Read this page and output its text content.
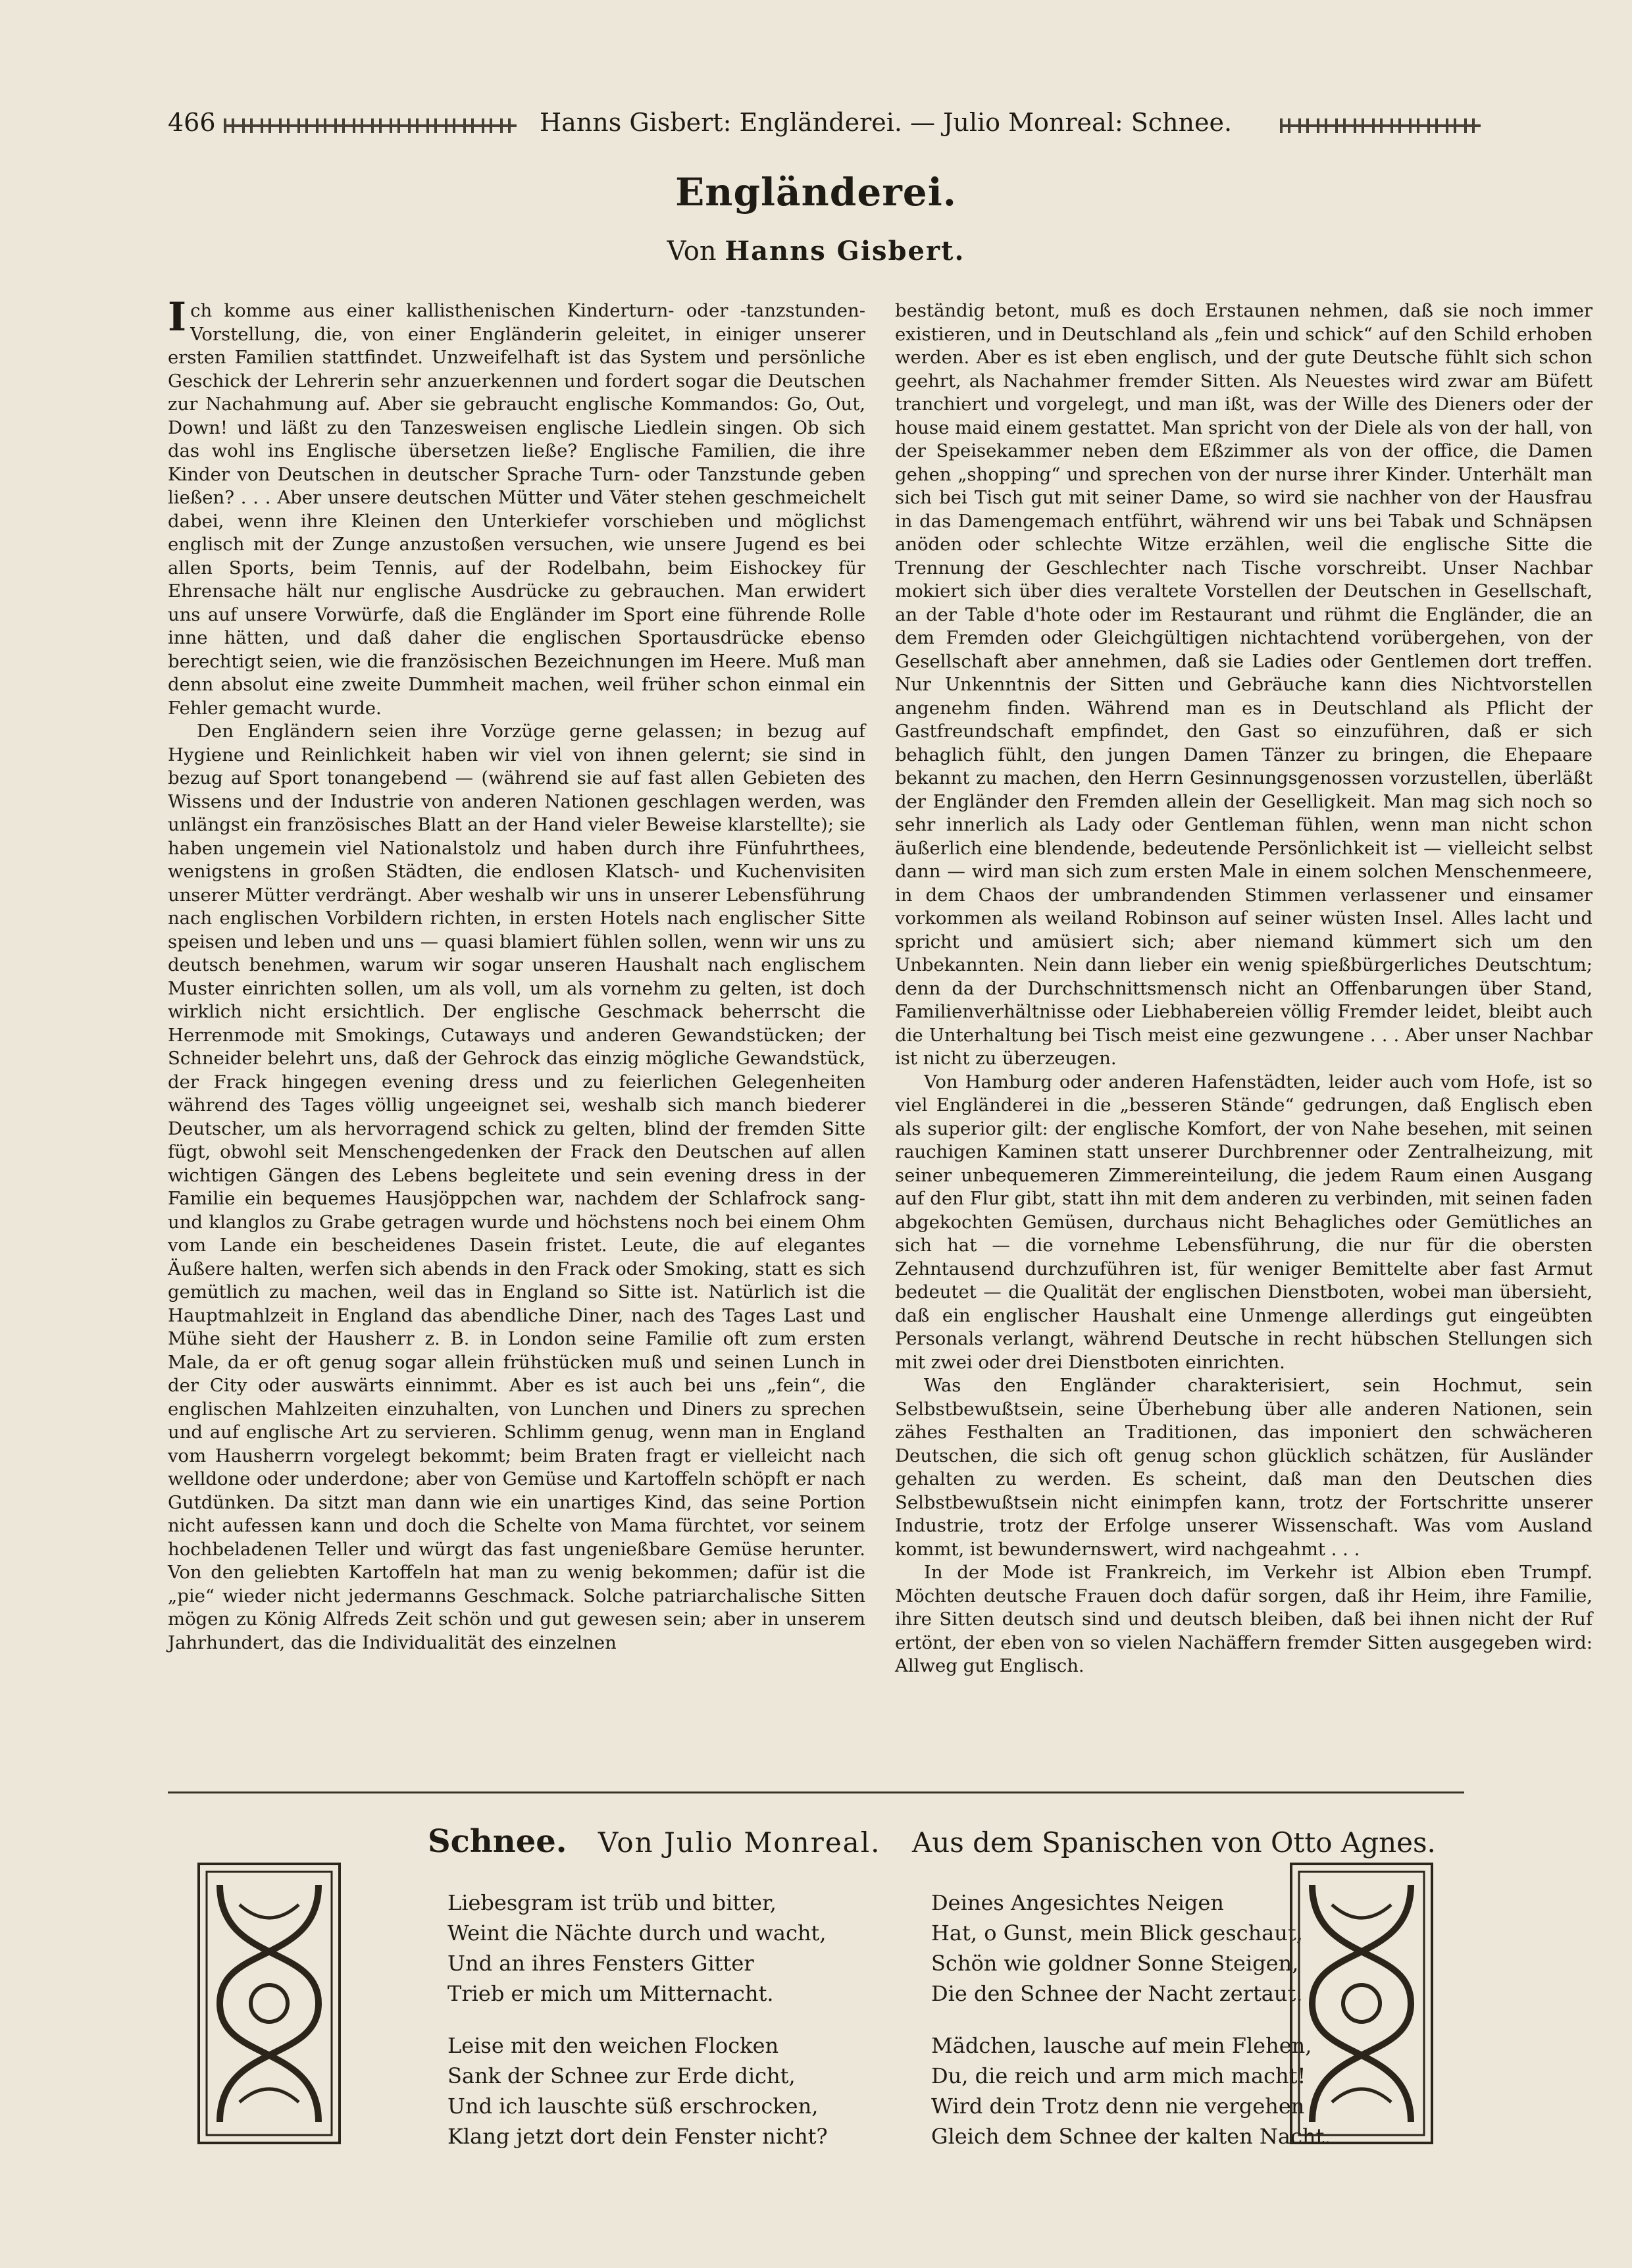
466	Hanns Gisbert: Engländerei. — Julio Monreal: Schnee.
Engländerei.
Von Hanns Gisbert.

Ich komme aus einer kallisthenischen Kinderturn- oder -tanzstunden-Vorstellung, die, von einer Engländerin geleitet, in einiger unserer ersten Familien stattfindet. Unzweifelhaft ist das System und persönliche Geschick der Lehrerin sehr anzuerkennen und fordert sogar die Deutschen zur Nachahmung auf. Aber sie gebraucht englische Kommandos: Go, Out, Down! und läßt zu den Tanzesweisen englische Liedlein singen. Ob sich das wohl ins Englische übersetzen ließe? Englische Familien, die ihre Kinder von Deutschen in deutscher Sprache Turn- oder Tanzstunde geben ließen? . . . Aber unsere deutschen Mütter und Väter stehen geschmeichelt dabei, wenn ihre Kleinen den Unterkiefer vorschieben und möglichst englisch mit der Zunge anzustoßen versuchen, wie unsere Jugend es bei allen Sports, beim Tennis, auf der Rodelbahn, beim Eishockey für Ehrensache hält nur englische Ausdrücke zu gebrauchen. Man erwidert uns auf unsere Vorwürfe, daß die Engländer im Sport eine führende Rolle inne hätten, und daß daher die englischen Sportausdrücke ebenso berechtigt seien, wie die französischen Bezeichnungen im Heere. Muß man denn absolut eine zweite Dummheit machen, weil früher schon einmal ein Fehler gemacht wurde.

Den Engländern seien ihre Vorzüge gerne gelassen; in bezug auf Hygiene und Reinlichkeit haben wir viel von ihnen gelernt; sie sind in bezug auf Sport tonangebend — (während sie auf fast allen Gebieten des Wissens und der Industrie von anderen Nationen geschlagen werden, was unlängst ein französisches Blatt an der Hand vieler Beweise klarstellte); sie haben ungemein viel Nationalstolz und haben durch ihre Fünfuhrthees, wenigstens in großen Städten, die endlosen Klatsch- und Kuchenvisiten unserer Mütter verdrängt. Aber weshalb wir uns in unserer Lebensführung nach englischen Vorbildern richten, in ersten Hotels nach englischer Sitte speisen und leben und uns — quasi blamiert fühlen sollen, wenn wir uns zu deutsch benehmen, warum wir sogar unseren Haushalt nach englischem Muster einrichten sollen, um als voll, um als vornehm zu gelten, ist doch wirklich nicht ersichtlich. Der englische Geschmack beherrscht die Herrenmode mit Smokings, Cutaways und anderen Gewandstücken; der Schneider belehrt uns, daß der Gehrock das einzig mögliche Gewandstück, der Frack hingegen evening dress und zu feierlichen Gelegenheiten während des Tages völlig ungeeignet sei, weshalb sich manch biederer Deutscher, um als hervorragend schick zu gelten, blind der fremden Sitte fügt, obwohl seit Menschengedenken der Frack den Deutschen auf allen wichtigen Gängen des Lebens begleitete und sein evening dress in der Familie ein bequemes Hausjöppchen war, nachdem der Schlafrock sang- und klanglos zu Grabe getragen wurde und höchstens noch bei einem Ohm vom Lande ein bescheidenes Dasein fristet. Leute, die auf elegantes Äußere halten, werfen sich abends in den Frack oder Smoking, statt es sich gemütlich zu machen, weil das in England so Sitte ist. Natürlich ist die Hauptmahlzeit in England das abendliche Diner, nach des Tages Last und Mühe sieht der Hausherr z. B. in London seine Familie oft zum ersten Male, da er oft genug sogar allein frühstücken muß und seinen Lunch in der City oder auswärts einnimmt. Aber es ist auch bei uns „fein“, die englischen Mahlzeiten einzuhalten, von Lunchen und Diners zu sprechen und auf englische Art zu servieren. Schlimm genug, wenn man in England vom Hausherrn vorgelegt bekommt; beim Braten fragt er vielleicht nach welldone oder underdone; aber von Gemüse und Kartoffeln schöpft er nach Gutdünken. Da sitzt man dann wie ein unartiges Kind, das seine Portion nicht aufessen kann und doch die Schelte von Mama fürchtet, vor seinem hochbeladenen Teller und würgt das fast ungenießbare Gemüse herunter. Von den geliebten Kartoffeln hat man zu wenig bekommen; dafür ist die „pie“ wieder nicht jedermanns Geschmack. Solche patriarchalische Sitten mögen zu König Alfreds Zeit schön und gut gewesen sein; aber in unserem Jahrhundert, das die Individualität des einzelnen

beständig betont, muß es doch Erstaunen nehmen, daß sie noch immer existieren, und in Deutschland als „fein und schick“ auf den Schild erhoben werden. Aber es ist eben englisch, und der gute Deutsche fühlt sich schon geehrt, als Nachahmer fremder Sitten. Als Neuestes wird zwar am Büfett tranchiert und vorgelegt, und man ißt, was der Wille des Dieners oder der house maid einem gestattet. Man spricht von der Diele als von der hall, von der Speisekammer neben dem Eßzimmer als von der office, die Damen gehen „shopping“ und sprechen von der nurse ihrer Kinder. Unterhält man sich bei Tisch gut mit seiner Dame, so wird sie nachher von der Hausfrau in das Damengemach entführt, während wir uns bei Tabak und Schnäpsen anöden oder schlechte Witze erzählen, weil die englische Sitte die Trennung der Geschlechter nach Tische vorschreibt. Unser Nachbar mokiert sich über dies veraltete Vorstellen der Deutschen in Gesellschaft, an der Table d'hote oder im Restaurant und rühmt die Engländer, die an dem Fremden oder Gleichgültigen nichtachtend vorübergehen, von der Gesellschaft aber annehmen, daß sie Ladies oder Gentlemen dort treffen. Nur Unkenntnis der Sitten und Gebräuche kann dies Nichtvorstellen angenehm finden. Während man es in Deutschland als Pflicht der Gastfreundschaft empfindet, den Gast so einzuführen, daß er sich behaglich fühlt, den jungen Damen Tänzer zu bringen, die Ehepaare bekannt zu machen, den Herrn Gesinnungsgenossen vorzustellen, überläßt der Engländer den Fremden allein der Geselligkeit. Man mag sich noch so sehr innerlich als Lady oder Gentleman fühlen, wenn man nicht schon äußerlich eine blendende, bedeutende Persönlichkeit ist — vielleicht selbst dann — wird man sich zum ersten Male in einem solchen Menschenmeere, in dem Chaos der umbrandenden Stimmen verlassener und einsamer vorkommen als weiland Robinson auf seiner wüsten Insel. Alles lacht und spricht und amüsiert sich; aber niemand kümmert sich um den Unbekannten. Nein dann lieber ein wenig spießbürgerliches Deutschtum; denn da der Durchschnittsmensch nicht an Offenbarungen über Stand, Familienverhältnisse oder Liebhabereien völlig Fremder leidet, bleibt auch die Unterhaltung bei Tisch meist eine gezwungene . . . Aber unser Nachbar ist nicht zu überzeugen.

Von Hamburg oder anderen Hafenstädten, leider auch vom Hofe, ist so viel Engländerei in die „besseren Stände“ gedrungen, daß Englisch eben als superior gilt: der englische Komfort, der von Nahe besehen, mit seinen rauchigen Kaminen statt unserer Durchbrenner oder Zentralheizung, mit seiner unbequemeren Zimmereinteilung, die jedem Raum einen Ausgang auf den Flur gibt, statt ihn mit dem anderen zu verbinden, mit seinen faden abgekochten Gemüsen, durchaus nicht Behagliches oder Gemütliches an sich hat — die vornehme Lebensführung, die nur für die obersten Zehntausend durchzuführen ist, für weniger Bemittelte aber fast Armut bedeutet — die Qualität der englischen Dienstboten, wobei man übersieht, daß ein englischer Haushalt eine Unmenge allerdings gut eingeübten Personals verlangt, während Deutsche in recht hübschen Stellungen sich mit zwei oder drei Dienstboten einrichten.

Was den Engländer charakterisiert, sein Hochmut, sein Selbstbewußtsein, seine Überhebung über alle anderen Nationen, sein zähes Festhalten an Traditionen, das imponiert den schwächeren Deutschen, die sich oft genug schon glücklich schätzen, für Ausländer gehalten zu werden. Es scheint, daß man den Deutschen dies Selbstbewußtsein nicht einimpfen kann, trotz der Fortschritte unserer Industrie, trotz der Erfolge unserer Wissenschaft. Was vom Ausland kommt, ist bewundernswert, wird nachgeahmt . . .

In der Mode ist Frankreich, im Verkehr ist Albion eben Trumpf. Möchten deutsche Frauen doch dafür sorgen, daß ihr Heim, ihre Familie, ihre Sitten deutsch sind und deutsch bleiben, daß bei ihnen nicht der Ruf ertönt, der eben von so vielen Nachäffern fremder Sitten ausgegeben wird: Allweg gut Englisch.

Schnee. Von Julio Monreal. Aus dem Spanischen von Otto Agnes.
Liebesgram ist trüb und bitter,
Weint die Nächte durch und wacht,
Und an ihres Fensters Gitter
Trieb er mich um Mitternacht.
Leise mit den weichen Flocken
Sank der Schnee zur Erde dicht,
Und ich lauschte süß erschrocken,
Klang jetzt dort dein Fenster nicht?
Deines Angesichtes Neigen
Hat, o Gunst, mein Blick geschaut,
Schön wie goldner Sonne Steigen,
Die den Schnee der Nacht zertaut.
Mädchen, lausche auf mein Flehen,
Du, die reich und arm mich macht!
Wird dein Trotz denn nie vergehen
Gleich dem Schnee der kalten Nacht.
